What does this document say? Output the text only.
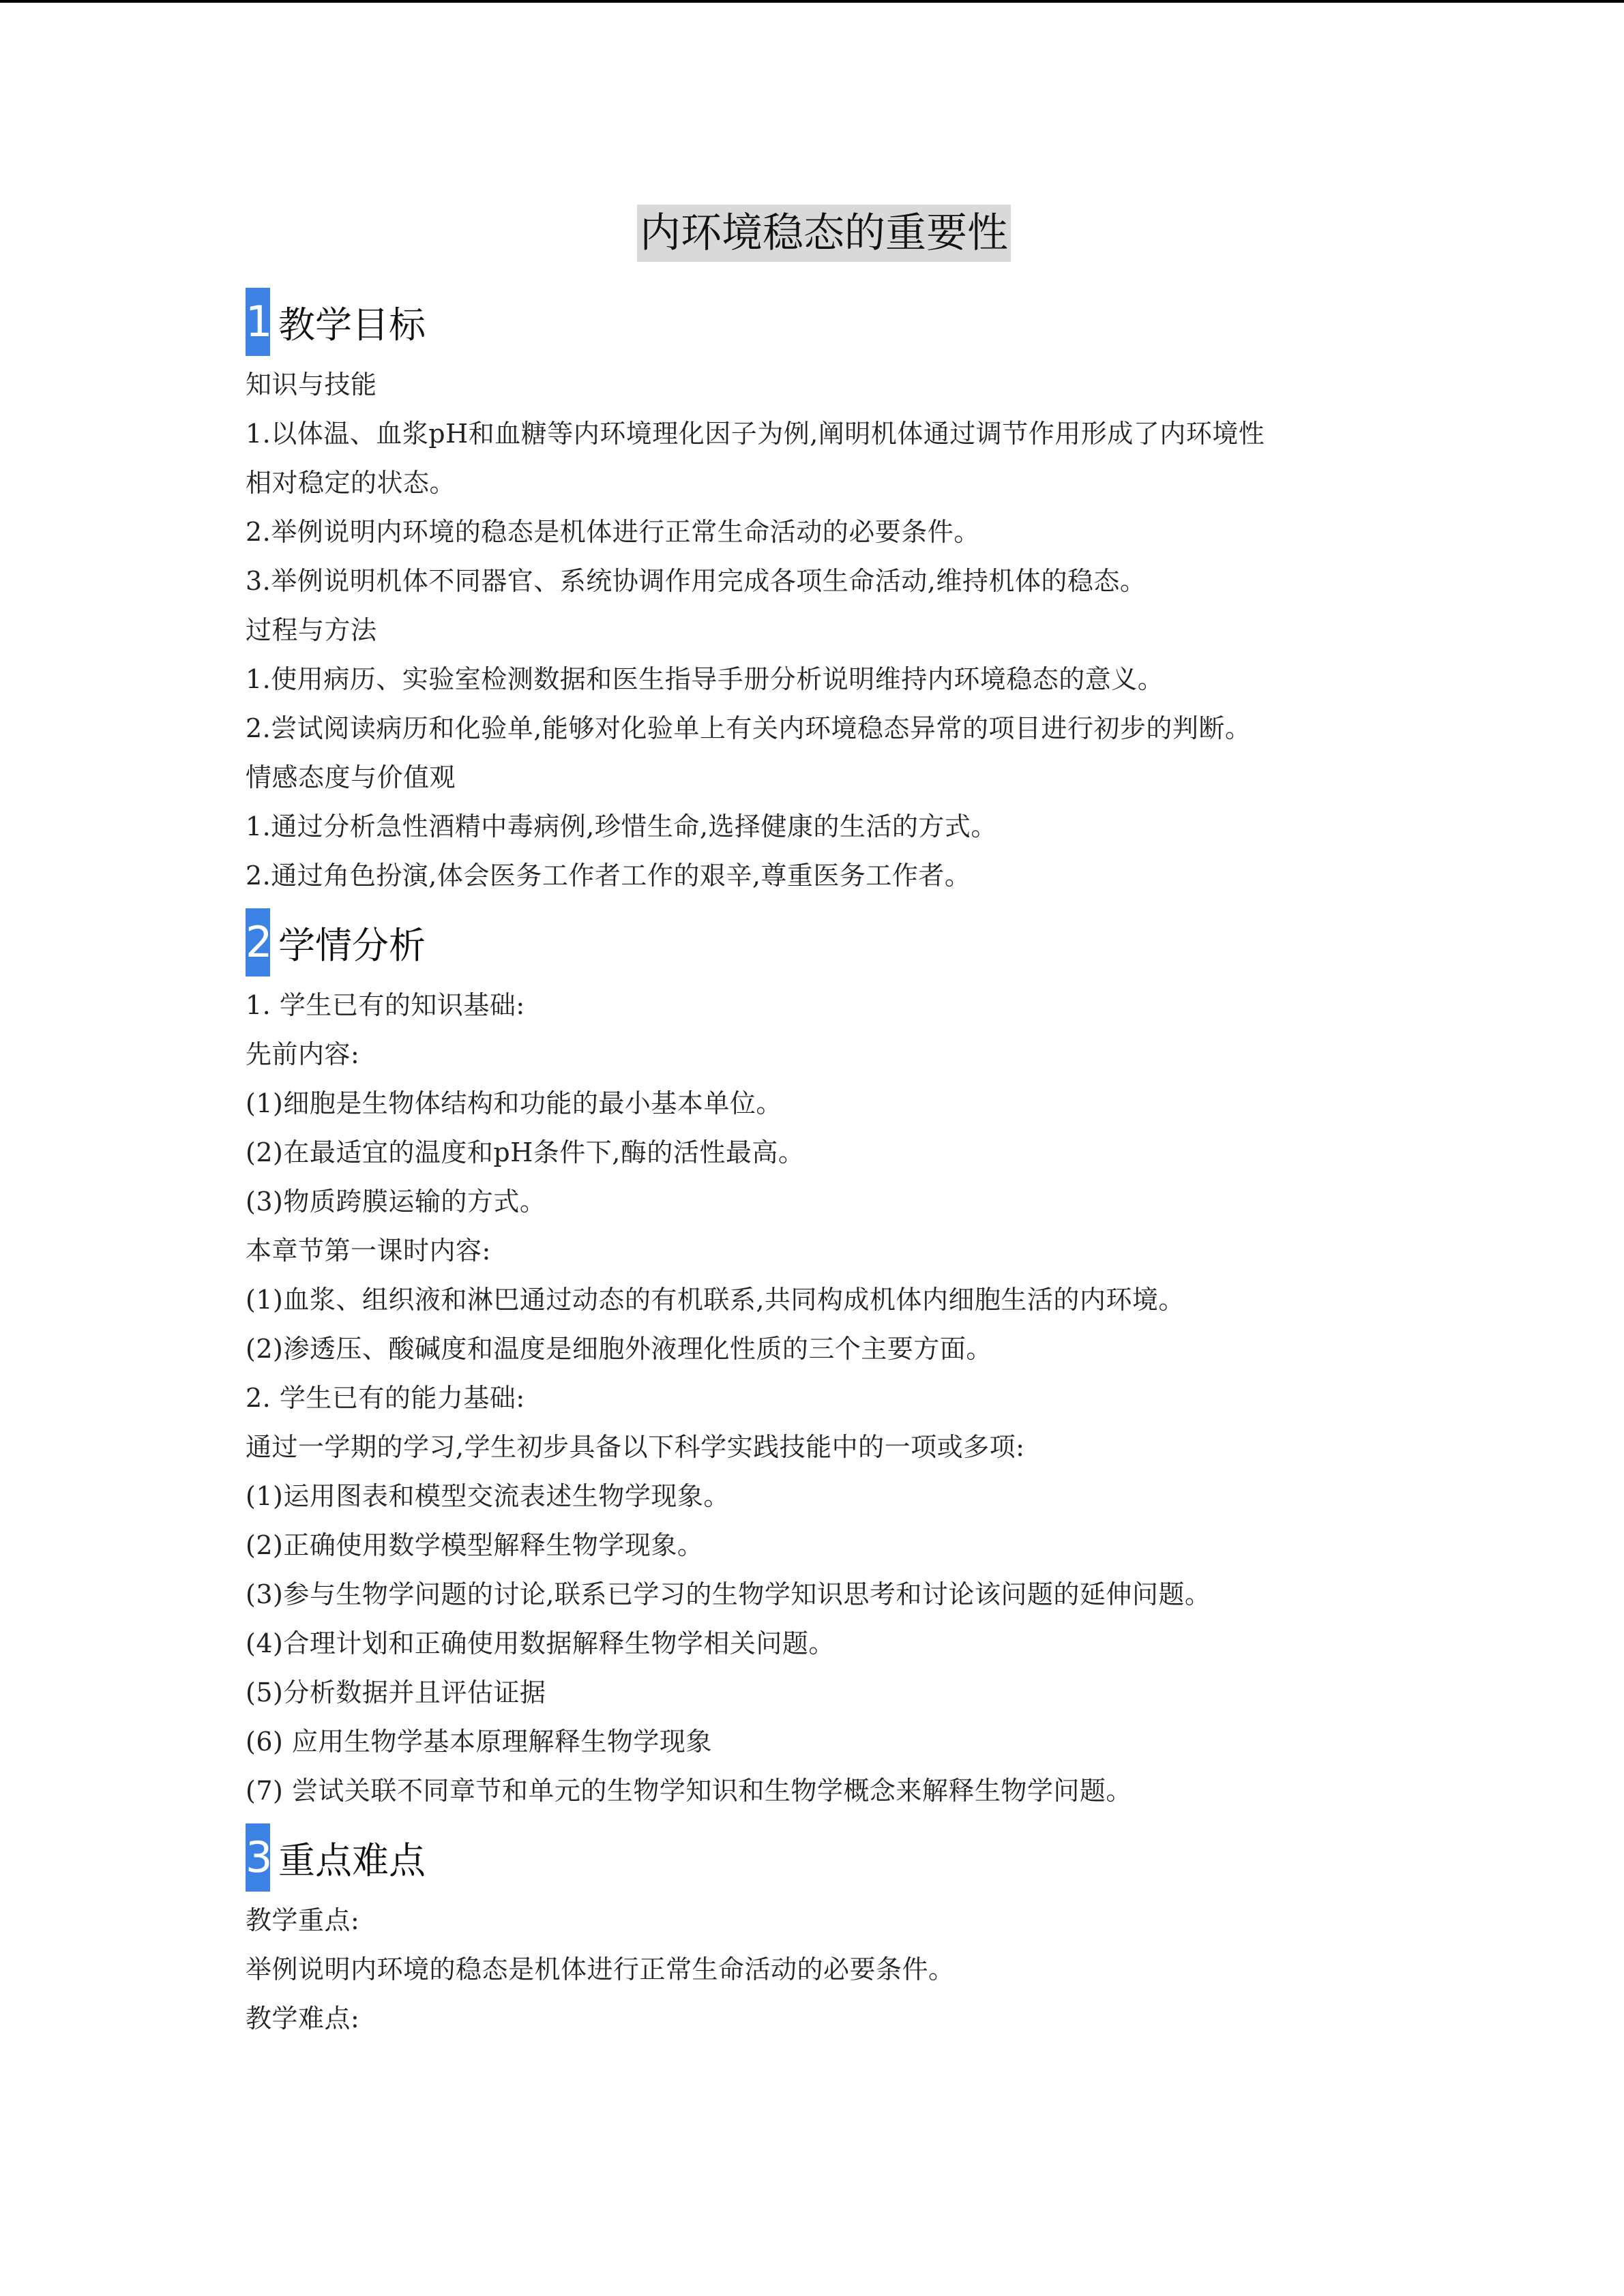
内环境稳态的重要性
1 教学目标
知识与技能
1.以体温、血浆pH和血糖等内环境理化因子为例,阐明机体通过调节作用形成了内环境性
相对稳定的状态。
2.举例说明内环境的稳态是机体进行正常生命活动的必要条件。
3.举例说明机体不同器官、系统协调作用完成各项生命活动,维持机体的稳态。
过程与方法
1.使用病历、实验室检测数据和医生指导手册分析说明维持内环境稳态的意义。
2.尝试阅读病历和化验单,能够对化验单上有关内环境稳态异常的项目进行初步的判断。
情感态度与价值观
1.通过分析急性酒精中毒病例,珍惜生命,选择健康的生活的方式。
2.通过角色扮演,体会医务工作者工作的艰辛,尊重医务工作者。
2 学情分析
1. 学生已有的知识基础:
先前内容:
(1)细胞是生物体结构和功能的最小基本单位。
(2)在最适宜的温度和pH条件下,酶的活性最高。
(3)物质跨膜运输的方式。
本章节第一课时内容:
(1)血浆、组织液和淋巴通过动态的有机联系,共同构成机体内细胞生活的内环境。
(2)渗透压、酸碱度和温度是细胞外液理化性质的三个主要方面。
2. 学生已有的能力基础:
通过一学期的学习,学生初步具备以下科学实践技能中的一项或多项:
(1)运用图表和模型交流表述生物学现象。
(2)正确使用数学模型解释生物学现象。
(3)参与生物学问题的讨论,联系已学习的生物学知识思考和讨论该问题的延伸问题。
(4)合理计划和正确使用数据解释生物学相关问题。
(5)分析数据并且评估证据
(6) 应用生物学基本原理解释生物学现象
(7) 尝试关联不同章节和单元的生物学知识和生物学概念来解释生物学问题。
3 重点难点
教学重点:
举例说明内环境的稳态是机体进行正常生命活动的必要条件。
教学难点:
